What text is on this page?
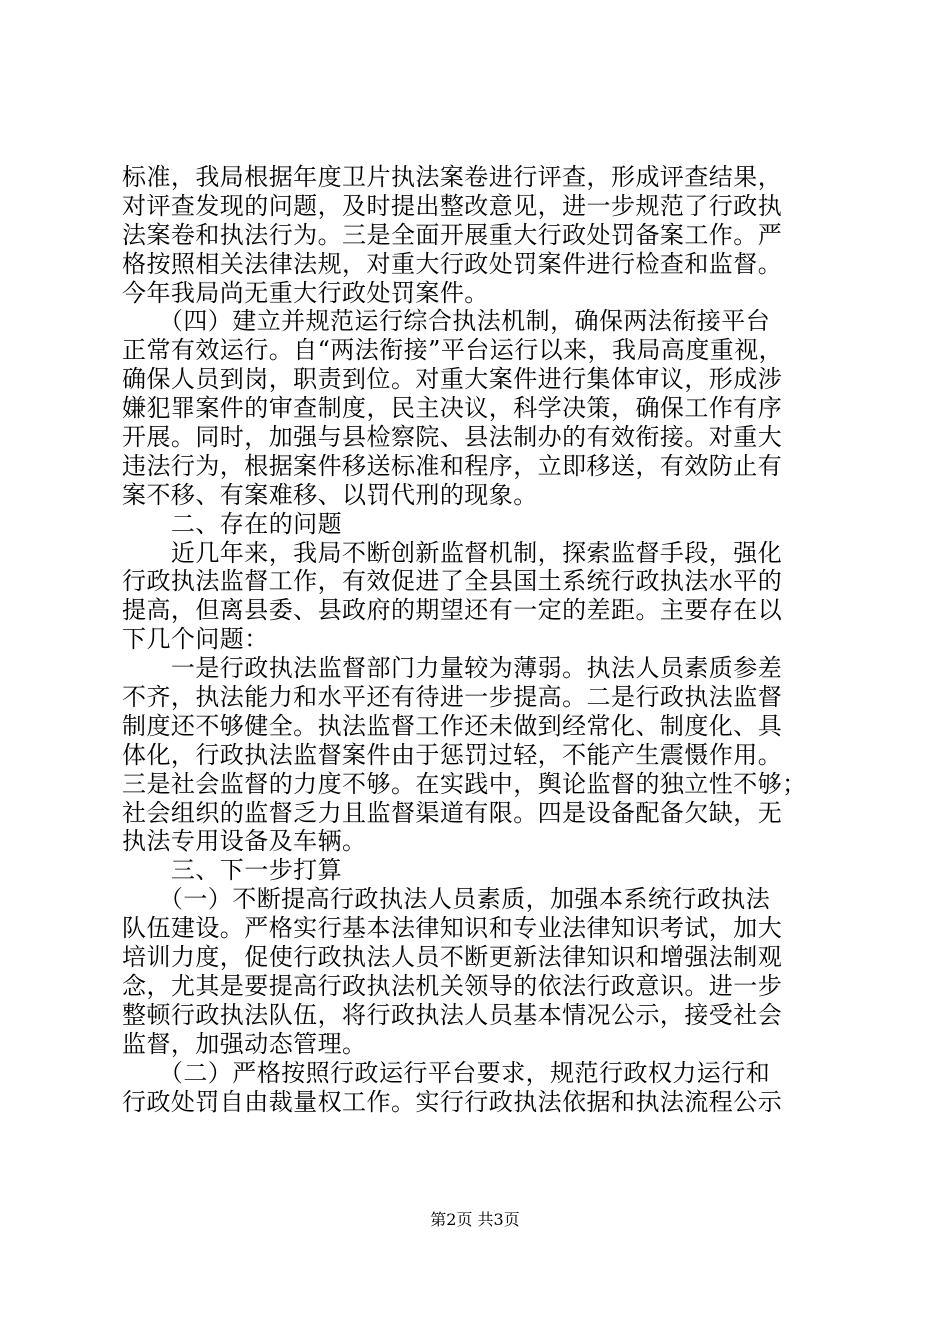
标准，我局根据年度卫片执法案卷进行评查，形成评查结果，
对评查发现的问题，及时提出整改意见，进一步规范了行政执
法案卷和执法行为。三是全面开展重大行政处罚备案工作。严
格按照相关法律法规，对重大行政处罚案件进行检查和监督。
今年我局尚无重大行政处罚案件。
　　（四）建立并规范运行综合执法机制，确保两法衔接平台
正常有效运行。自“两法衔接”平台运行以来，我局高度重视，
确保人员到岗，职责到位。对重大案件进行集体审议，形成涉
嫌犯罪案件的审查制度，民主决议，科学决策，确保工作有序
开展。同时，加强与县检察院、县法制办的有效衔接。对重大
违法行为，根据案件移送标准和程序，立即移送，有效防止有
案不移、有案难移、以罚代刑的现象。
　　二、存在的问题
　　近几年来，我局不断创新监督机制，探索监督手段，强化
行政执法监督工作，有效促进了全县国土系统行政执法水平的
提高，但离县委、县政府的期望还有一定的差距。主要存在以
下几个问题：
　　一是行政执法监督部门力量较为薄弱。执法人员素质参差
不齐，执法能力和水平还有待进一步提高。二是行政执法监督
制度还不够健全。执法监督工作还未做到经常化、制度化、具
体化，行政执法监督案件由于惩罚过轻，不能产生震慑作用。
三是社会监督的力度不够。在实践中，舆论监督的独立性不够；
社会组织的监督乏力且监督渠道有限。四是设备配备欠缺，无
执法专用设备及车辆。
　　三、下一步打算
　　（一）不断提高行政执法人员素质，加强本系统行政执法
队伍建设。严格实行基本法律知识和专业法律知识考试，加大
培训力度，促使行政执法人员不断更新法律知识和增强法制观
念，尤其是要提高行政执法机关领导的依法行政意识。进一步
整顿行政执法队伍，将行政执法人员基本情况公示，接受社会
监督，加强动态管理。
　　（二）严格按照行政运行平台要求，规范行政权力运行和
行政处罚自由裁量权工作。实行行政执法依据和执法流程公示
第2页 共3页
